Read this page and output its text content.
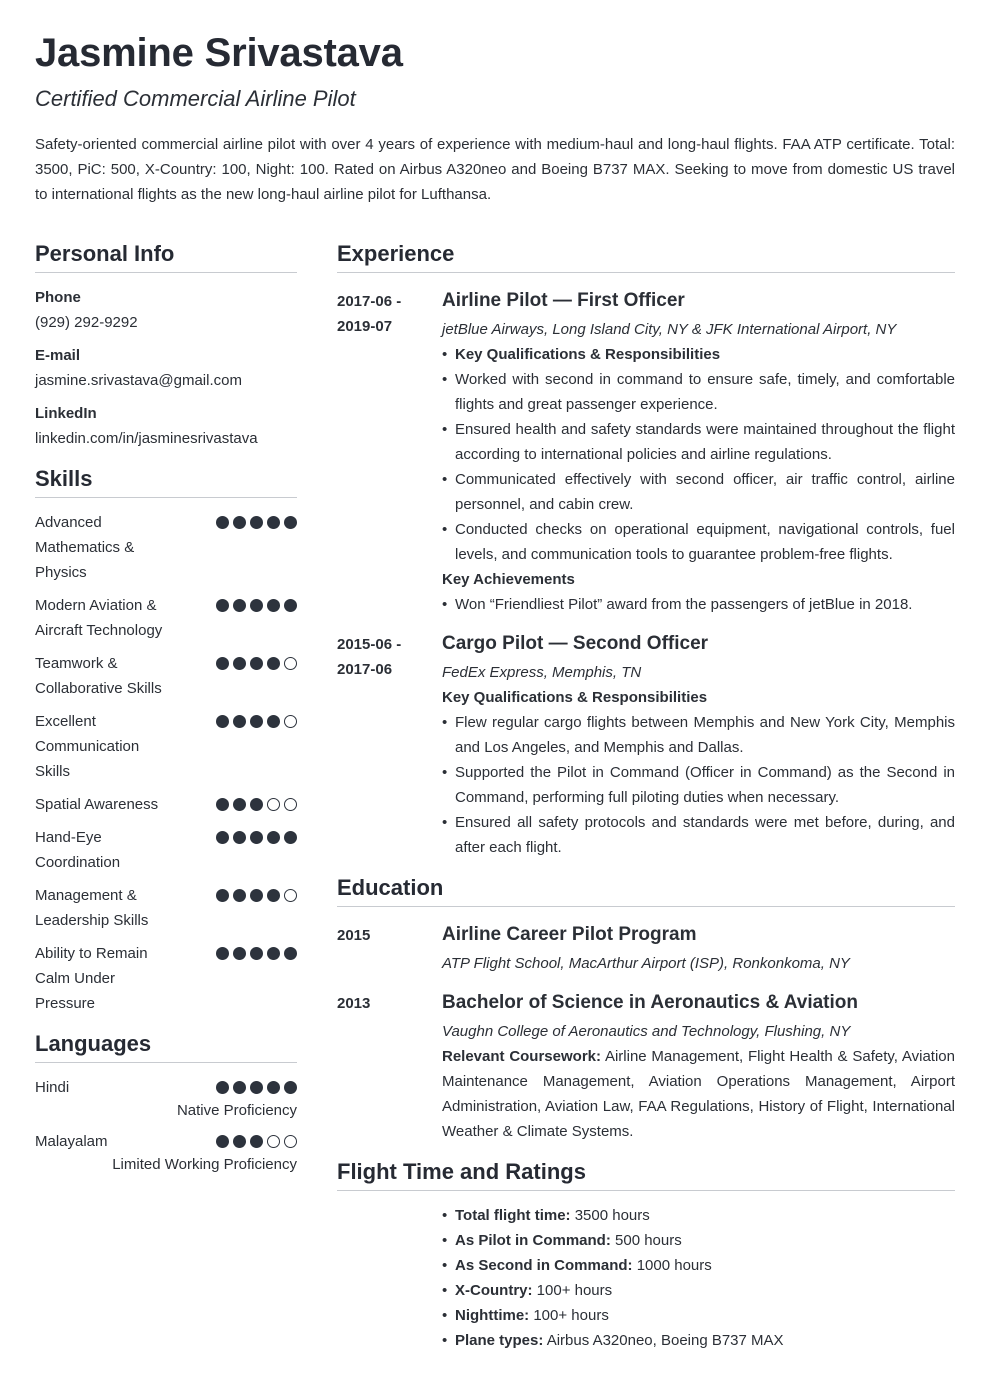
Jasmine Srivastava
Certified Commercial Airline Pilot
Safety-oriented commercial airline pilot with over 4 years of experience with medium-haul and long-haul flights. FAA ATP certificate. Total: 3500, PiC: 500, X-Country: 100, Night: 100. Rated on Airbus A320neo and Boeing B737 MAX. Seeking to move from domestic US travel to international flights as the new long-haul airline pilot for Lufthansa.
Personal Info
Phone
(929) 292-9292
E-mail
jasmine.srivastava@gmail.com
LinkedIn
linkedin.com/in/jasminesrivastava
Skills
Advanced Mathematics & Physics
Modern Aviation & Aircraft Technology
Teamwork & Collaborative Skills
Excellent Communication Skills
Spatial Awareness
Hand-Eye Coordination
Management & Leadership Skills
Ability to Remain Calm Under Pressure
Languages
Hindi
Native Proficiency
Malayalam
Limited Working Proficiency
Experience
2017-06 -
2019-07
Airline Pilot — First Officer
jetBlue Airways, Long Island City, NY & JFK International Airport, NY
• Key Qualifications & Responsibilities
• Worked with second in command to ensure safe, timely, and comfortable flights and great passenger experience.
• Ensured health and safety standards were maintained throughout the flight according to international policies and airline regulations.
• Communicated effectively with second officer, air traffic control, airline personnel, and cabin crew.
• Conducted checks on operational equipment, navigational controls, fuel levels, and communication tools to guarantee problem-free flights.
Key Achievements
• Won “Friendliest Pilot” award from the passengers of jetBlue in 2018.
2015-06 -
2017-06
Cargo Pilot — Second Officer
FedEx Express, Memphis, TN
Key Qualifications & Responsibilities
• Flew regular cargo flights between Memphis and New York City, Memphis and Los Angeles, and Memphis and Dallas.
• Supported the Pilot in Command (Officer in Command) as the Second in Command, performing full piloting duties when necessary.
• Ensured all safety protocols and standards were met before, during, and after each flight.
Education
2015	Airline Career Pilot Program
ATP Flight School, MacArthur Airport (ISP), Ronkonkoma, NY
2013	Bachelor of Science in Aeronautics & Aviation
Vaughn College of Aeronautics and Technology, Flushing, NY
Relevant Coursework: Airline Management, Flight Health & Safety, Aviation Maintenance Management, Aviation Operations Management, Airport Administration, Aviation Law, FAA Regulations, History of Flight, International Weather & Climate Systems.
Flight Time and Ratings
• Total flight time: 3500 hours
• As Pilot in Command: 500 hours
• As Second in Command: 1000 hours
• X-Country: 100+ hours
• Nighttime: 100+ hours
• Plane types: Airbus A320neo, Boeing B737 MAX
